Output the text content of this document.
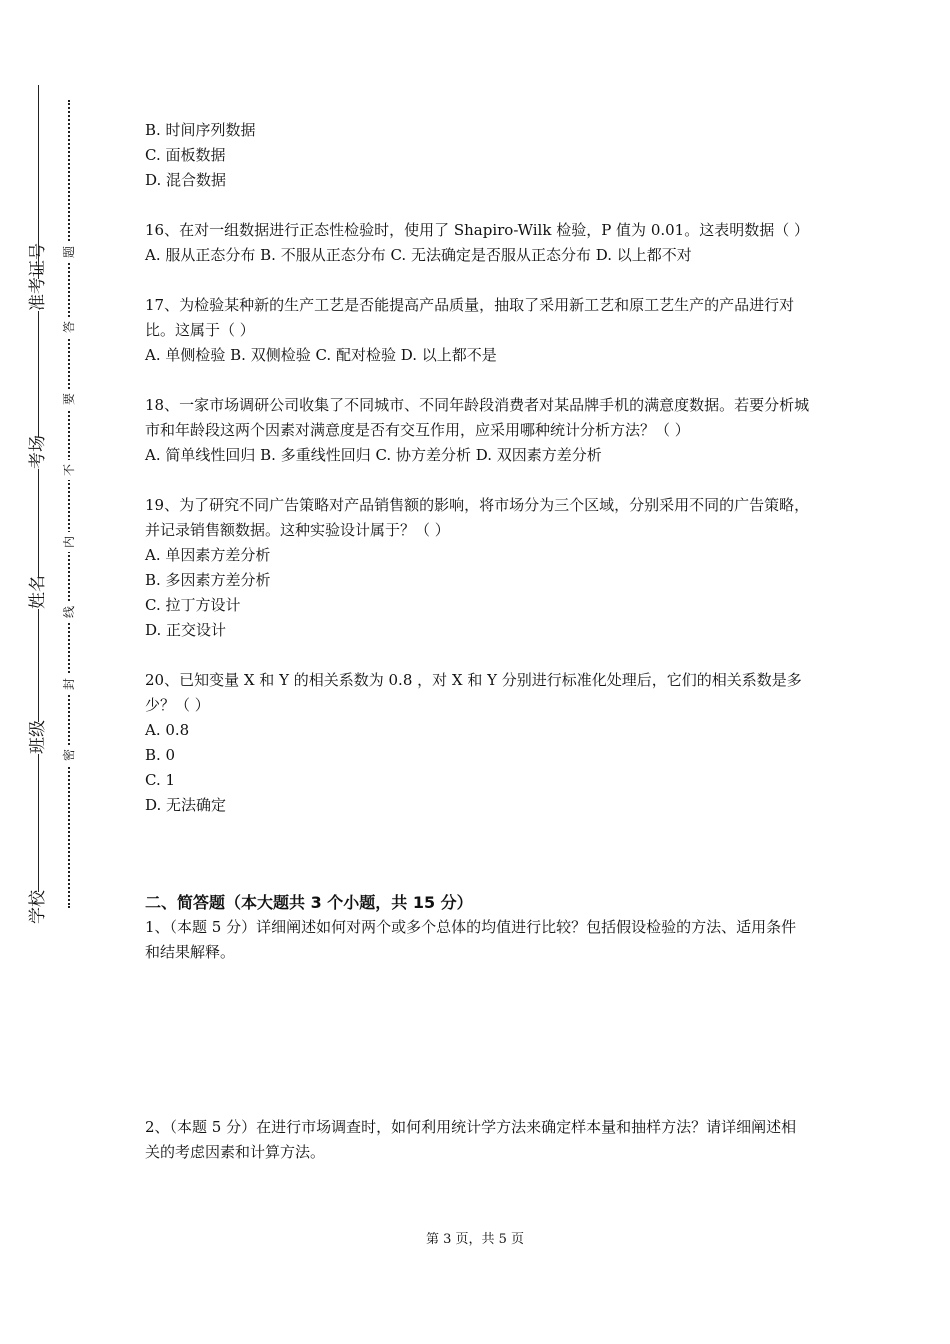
准考证号
考场
姓名
班级
学校
题
答
要
不
内
线
封
密

B. 时间序列数据

C. 面板数据

D. 混合数据

16、在对一组数据进行正态性检验时，使用了 Shapiro-Wilk 检验，P 值为 0.01。这表明数据（ ）

A. 服从正态分布 B. 不服从正态分布 C. 无法确定是否服从正态分布 D. 以上都不对

17、为检验某种新的生产工艺是否能提高产品质量，抽取了采用新工艺和原工艺生产的产品进行对比。这属于（ ）

A. 单侧检验 B. 双侧检验 C. 配对检验 D. 以上都不是

18、一家市场调研公司收集了不同城市、不同年龄段消费者对某品牌手机的满意度数据。若要分析城市和年龄段这两个因素对满意度是否有交互作用，应采用哪种统计分析方法？（ ）

A. 简单线性回归 B. 多重线性回归 C. 协方差分析 D. 双因素方差分析

19、为了研究不同广告策略对产品销售额的影响，将市场分为三个区域，分别采用不同的广告策略，并记录销售额数据。这种实验设计属于？（ ）

A. 单因素方差分析

B. 多因素方差分析

C. 拉丁方设计

D. 正交设计

20、已知变量 X 和 Y 的相关系数为 0.8 ，对 X 和 Y 分别进行标准化处理后，它们的相关系数是多少？（ ）

A. 0.8

B. 0

C. 1

D. 无法确定

二、简答题（本大题共 3 个小题，共 15 分）

1、（本题 5 分）详细阐述如何对两个或多个总体的均值进行比较？包括假设检验的方法、适用条件和结果解释。

2、（本题 5 分）在进行市场调查时，如何利用统计学方法来确定样本量和抽样方法？请详细阐述相关的考虑因素和计算方法。

第 3 页，共 5 页
